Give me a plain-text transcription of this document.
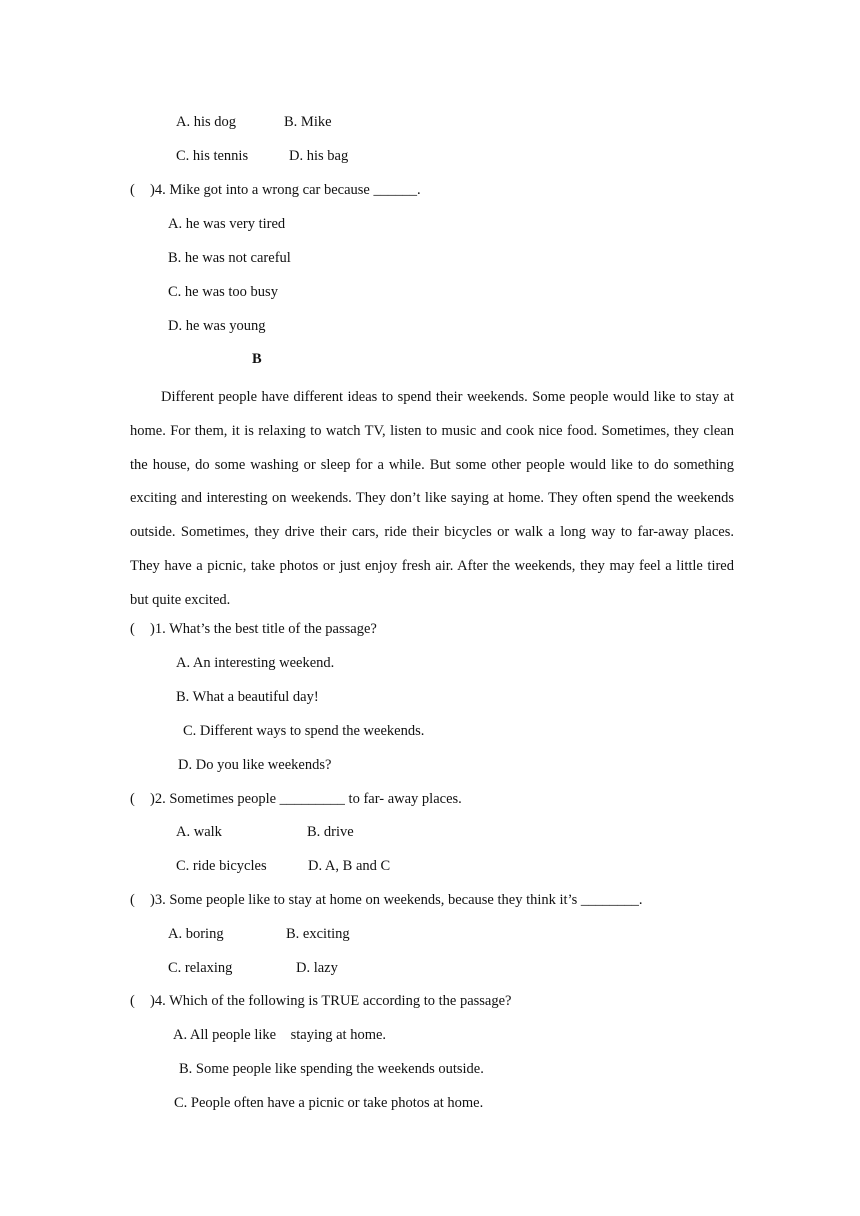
A. his dog	B. Mike
C. his tennis	D. his bag
( )4. Mike got into a wrong car because ______.
A. he was very tired
B. he was not careful
C. he was too busy
D. he was young
B

Different people have different ideas to spend their weekends. Some people would like to stay at home. For them, it is relaxing to watch TV, listen to music and cook nice food. Sometimes, they clean the house, do some washing or sleep for a while. But some other people would like to do something exciting and interesting on weekends. They don’t like saying at home. They often spend the weekends outside. Sometimes, they drive their cars, ride their bicycles or walk a long way to far-away places. They have a picnic, take photos or just enjoy fresh air. After the weekends, they may feel a little tired but quite excited.

( )1. What’s the best title of the passage?
A. An interesting weekend.
B. What a beautiful day!
C. Different ways to spend the weekends.
D. Do you like weekends?
( )2. Sometimes people _________ to far- away places.
A. walk	B. drive
C. ride bicycles	D. A, B and C
( )3. Some people like to stay at home on weekends, because they think it’s ________.
A. boring	B. exciting
C. relaxing	D. lazy
( )4. Which of the following is TRUE according to the passage?
A. All people like    staying at home.
B. Some people like spending the weekends outside.
C. People often have a picnic or take photos at home.
